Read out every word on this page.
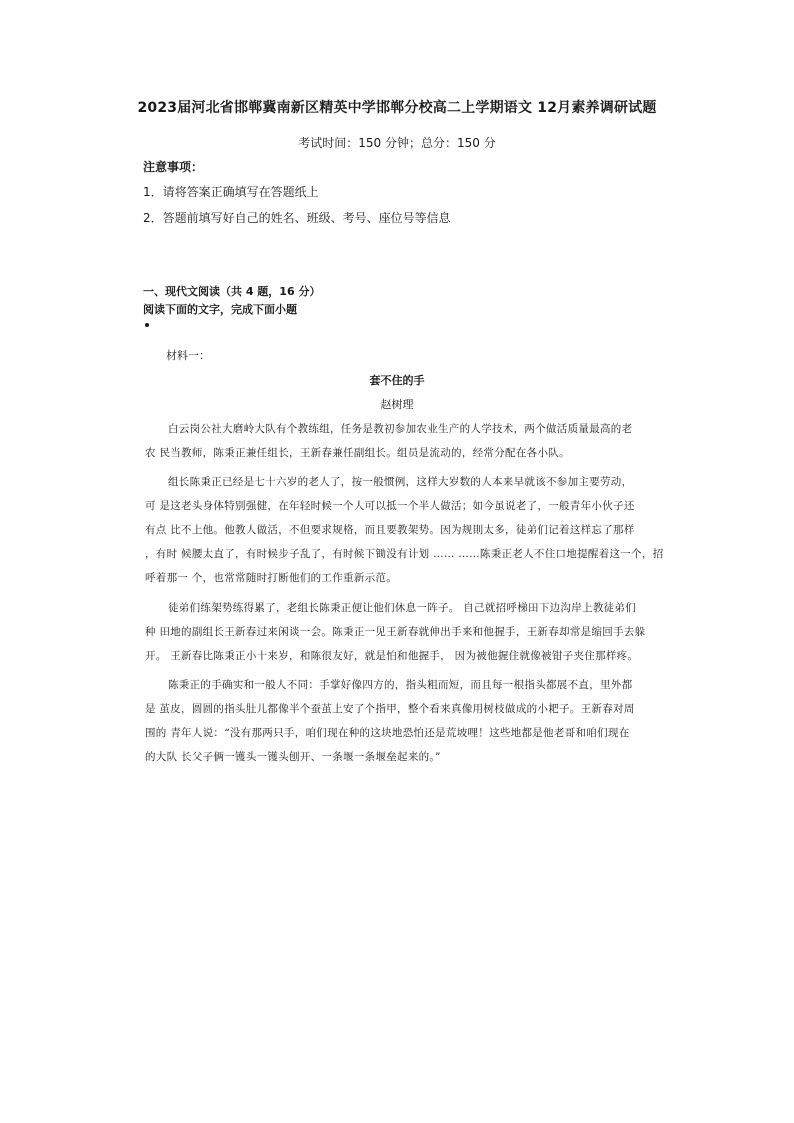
2023届河北省邯郸冀南新区精英中学邯郸分校高二上学期语文 12月素养调研试题
考试时间：150 分钟；总分：150 分
注意事项：
1．请将答案正确填写在答题纸上
2．答题前填写好自己的姓名、班级、考号、座位号等信息
一、现代文阅读（共 4 题，16 分）
阅读下面的文字，完成下面小题
材料一：
套不住的手
赵树理
白云岗公社大磨岭大队有个教练组，任务是教初参加农业生产的人学技术，两个做活质量最高的老
农 民当教师，陈秉正兼任组长，王新春兼任副组长。组员是流动的，经常分配在各小队。
组长陈秉正已经是七十六岁的老人了，按一般惯例，这样大岁数的人本来早就该不参加主要劳动，
可 是这老头身体特别强健，在年轻时候一个人可以抵一个半人做活；如今虽说老了，一般青年小伙子还
有点 比不上他。他教人做活，不但要求规格，而且要教架势。因为规則太多，徒弟们记着这样忘了那样
，有时 候腰太直了，有时候步子乱了，有时候下锄没有计划 …… ……陈秉正老人不住口地提醒着这一个，招
呼着那一 个，也常常随时打断他们的工作重新示范。
徒弟们练架势练得累了，老组长陈秉正便让他们休息一阵子。 自己就招呼梯田下边沟岸上教徒弟们
种 田地的副组长王新春过来闲谈一会。陈秉正一见王新春就伸出手来和他握手，王新春却常是缩回手去躲
开。 王新春比陈秉正小十来岁，和陈很友好，就是怕和他握手， 因为被他握住就像被钳子夹住那样疼。
陈秉正的手确实和一般人不同：手掌好像四方的，指头粗而短，而且每一根指头都展不直，里外都
是 茧皮，圆圆的指头肚儿都像半个蚕茧上安了个指甲，整个看来真像用树枝做成的小耙子。王新春对周
围的 青年人说：“没有那两只手，咱们现在种的这块地恐怕还是荒坡哩！这些地都是他老哥和咱们现在
的大队 长父子俩一镬头一镬头刨开、一条堰一条堰垒起来的。”
